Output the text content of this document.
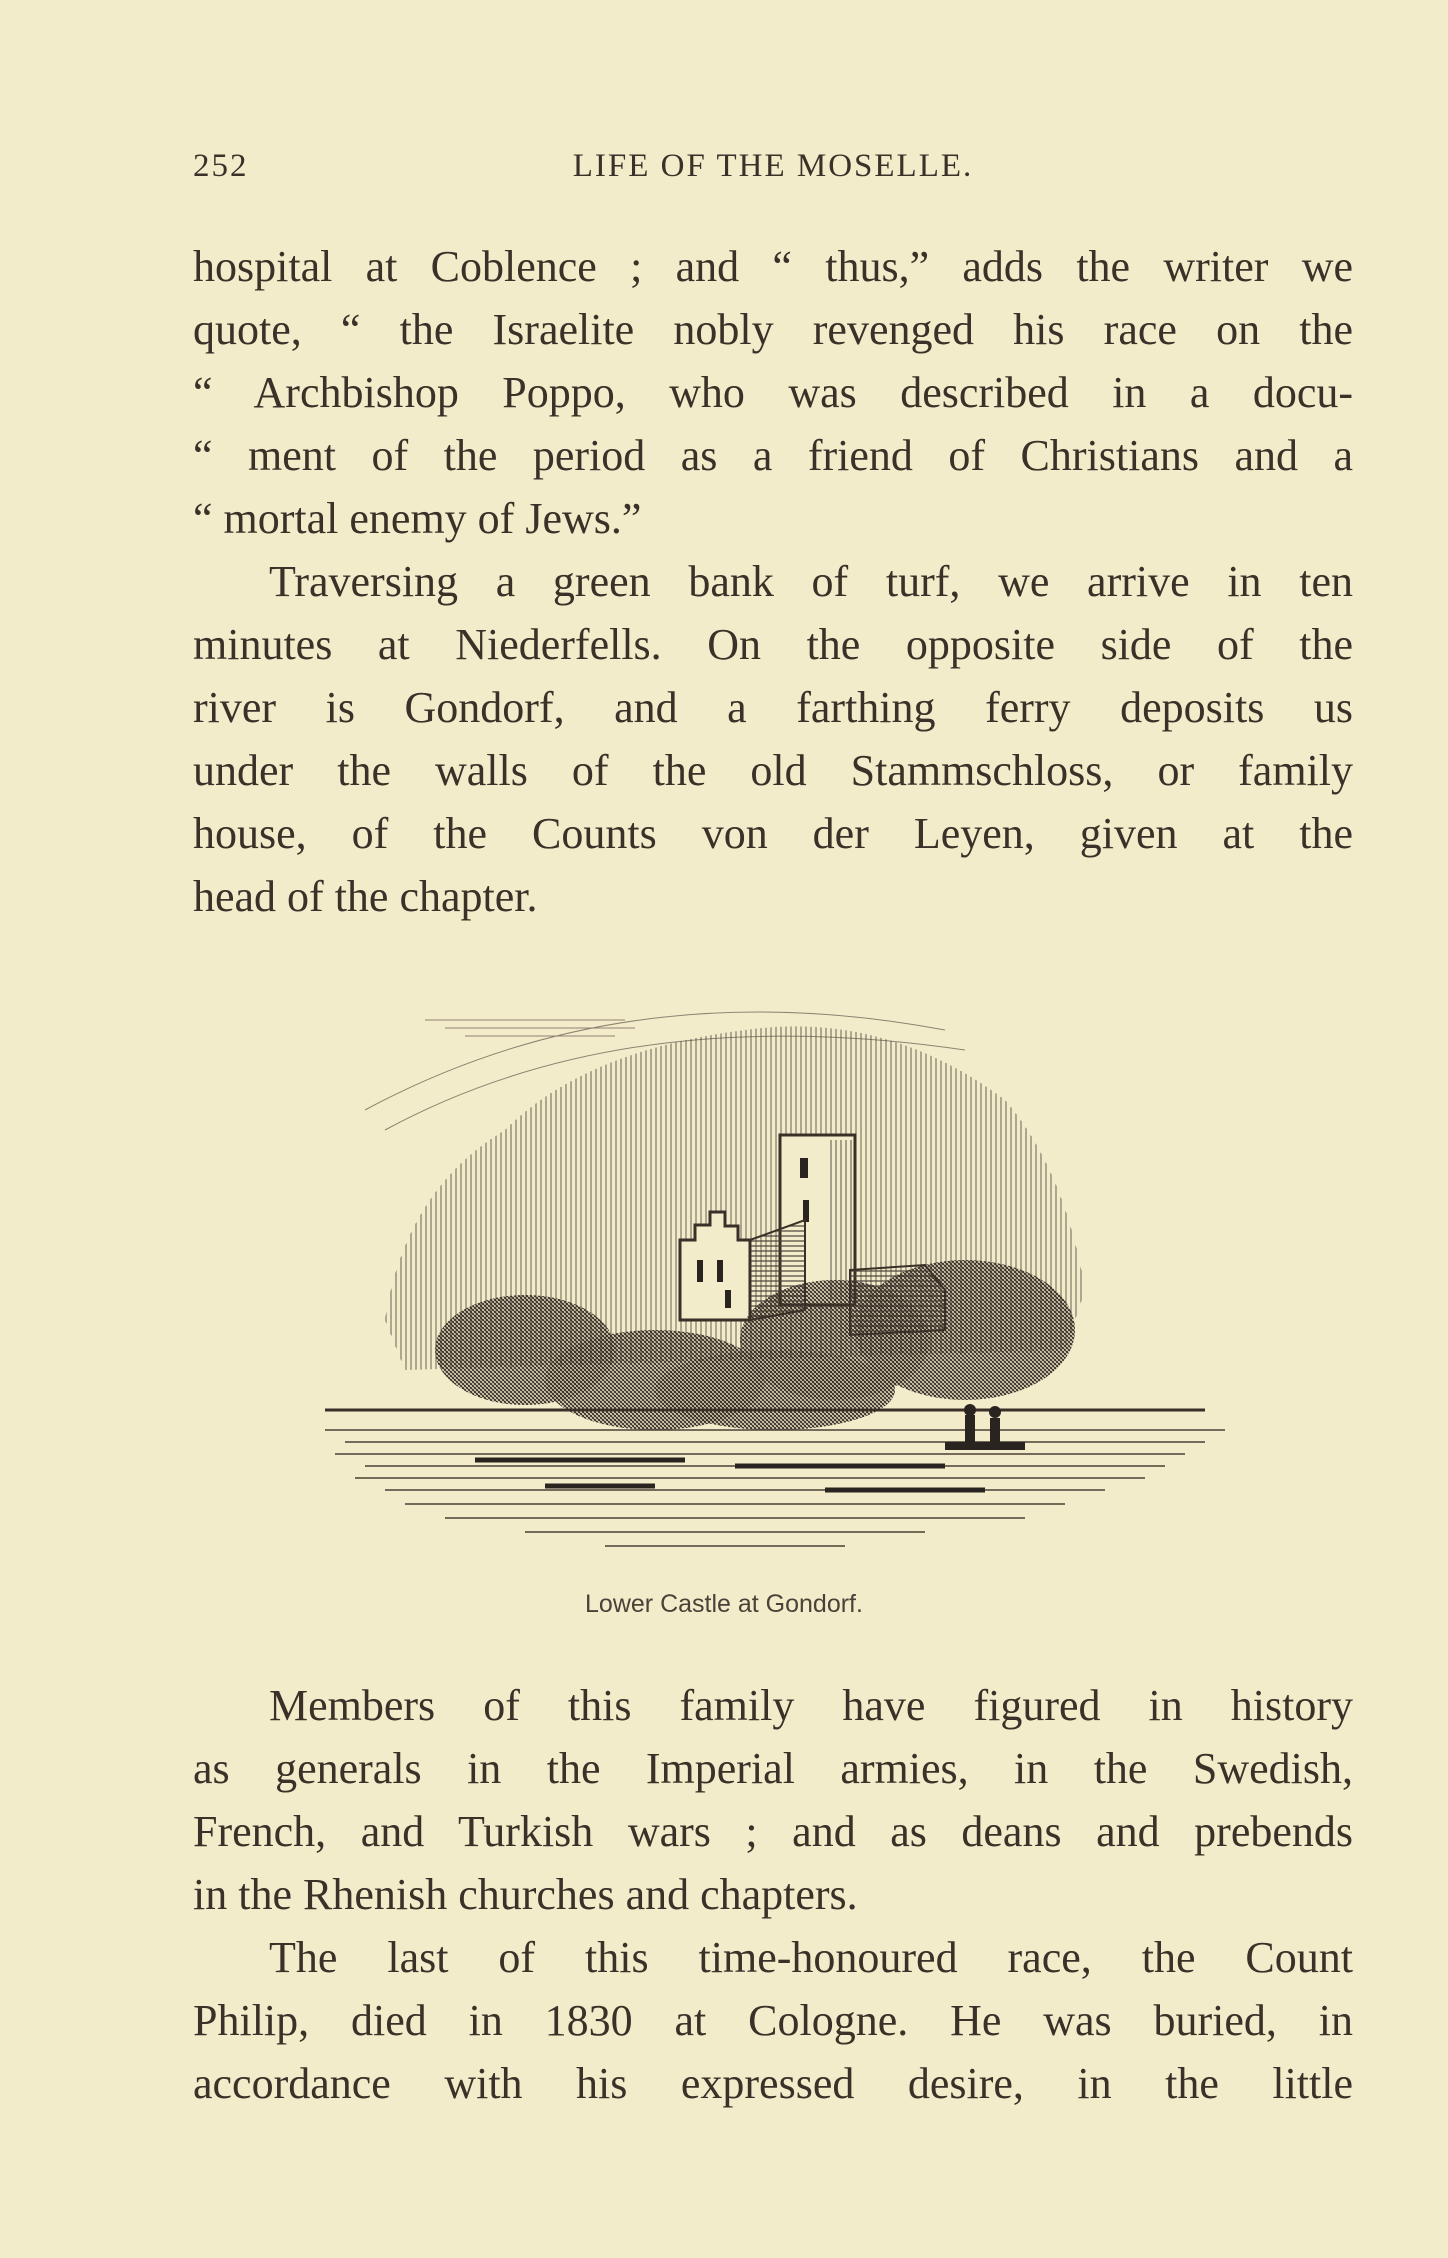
252	LIFE OF THE MOSELLE.
hospital at Coblence ; and “ thus,” adds the writer we
quote, “ the Israelite nobly revenged his race on the
“ Archbishop Poppo, who was described in a docu-
“ ment of the period as a friend of Christians and a
“ mortal enemy of Jews.”
Traversing a green bank of turf, we arrive in ten
minutes at Niederfells. On the opposite side of the
river is Gondorf, and a farthing ferry deposits us
under the walls of the old Stammschloss, or family
house, of the Counts von der Leyen, given at the
head of the chapter.
Lower Castle at Gondorf.
Members of this family have figured in history
as generals in the Imperial armies, in the Swedish,
French, and Turkish wars ; and as deans and prebends
in the Rhenish churches and chapters.
The last of this time-honoured race, the Count
Philip, died in 1830 at Cologne. He was buried, in
accordance with his expressed desire, in the little
